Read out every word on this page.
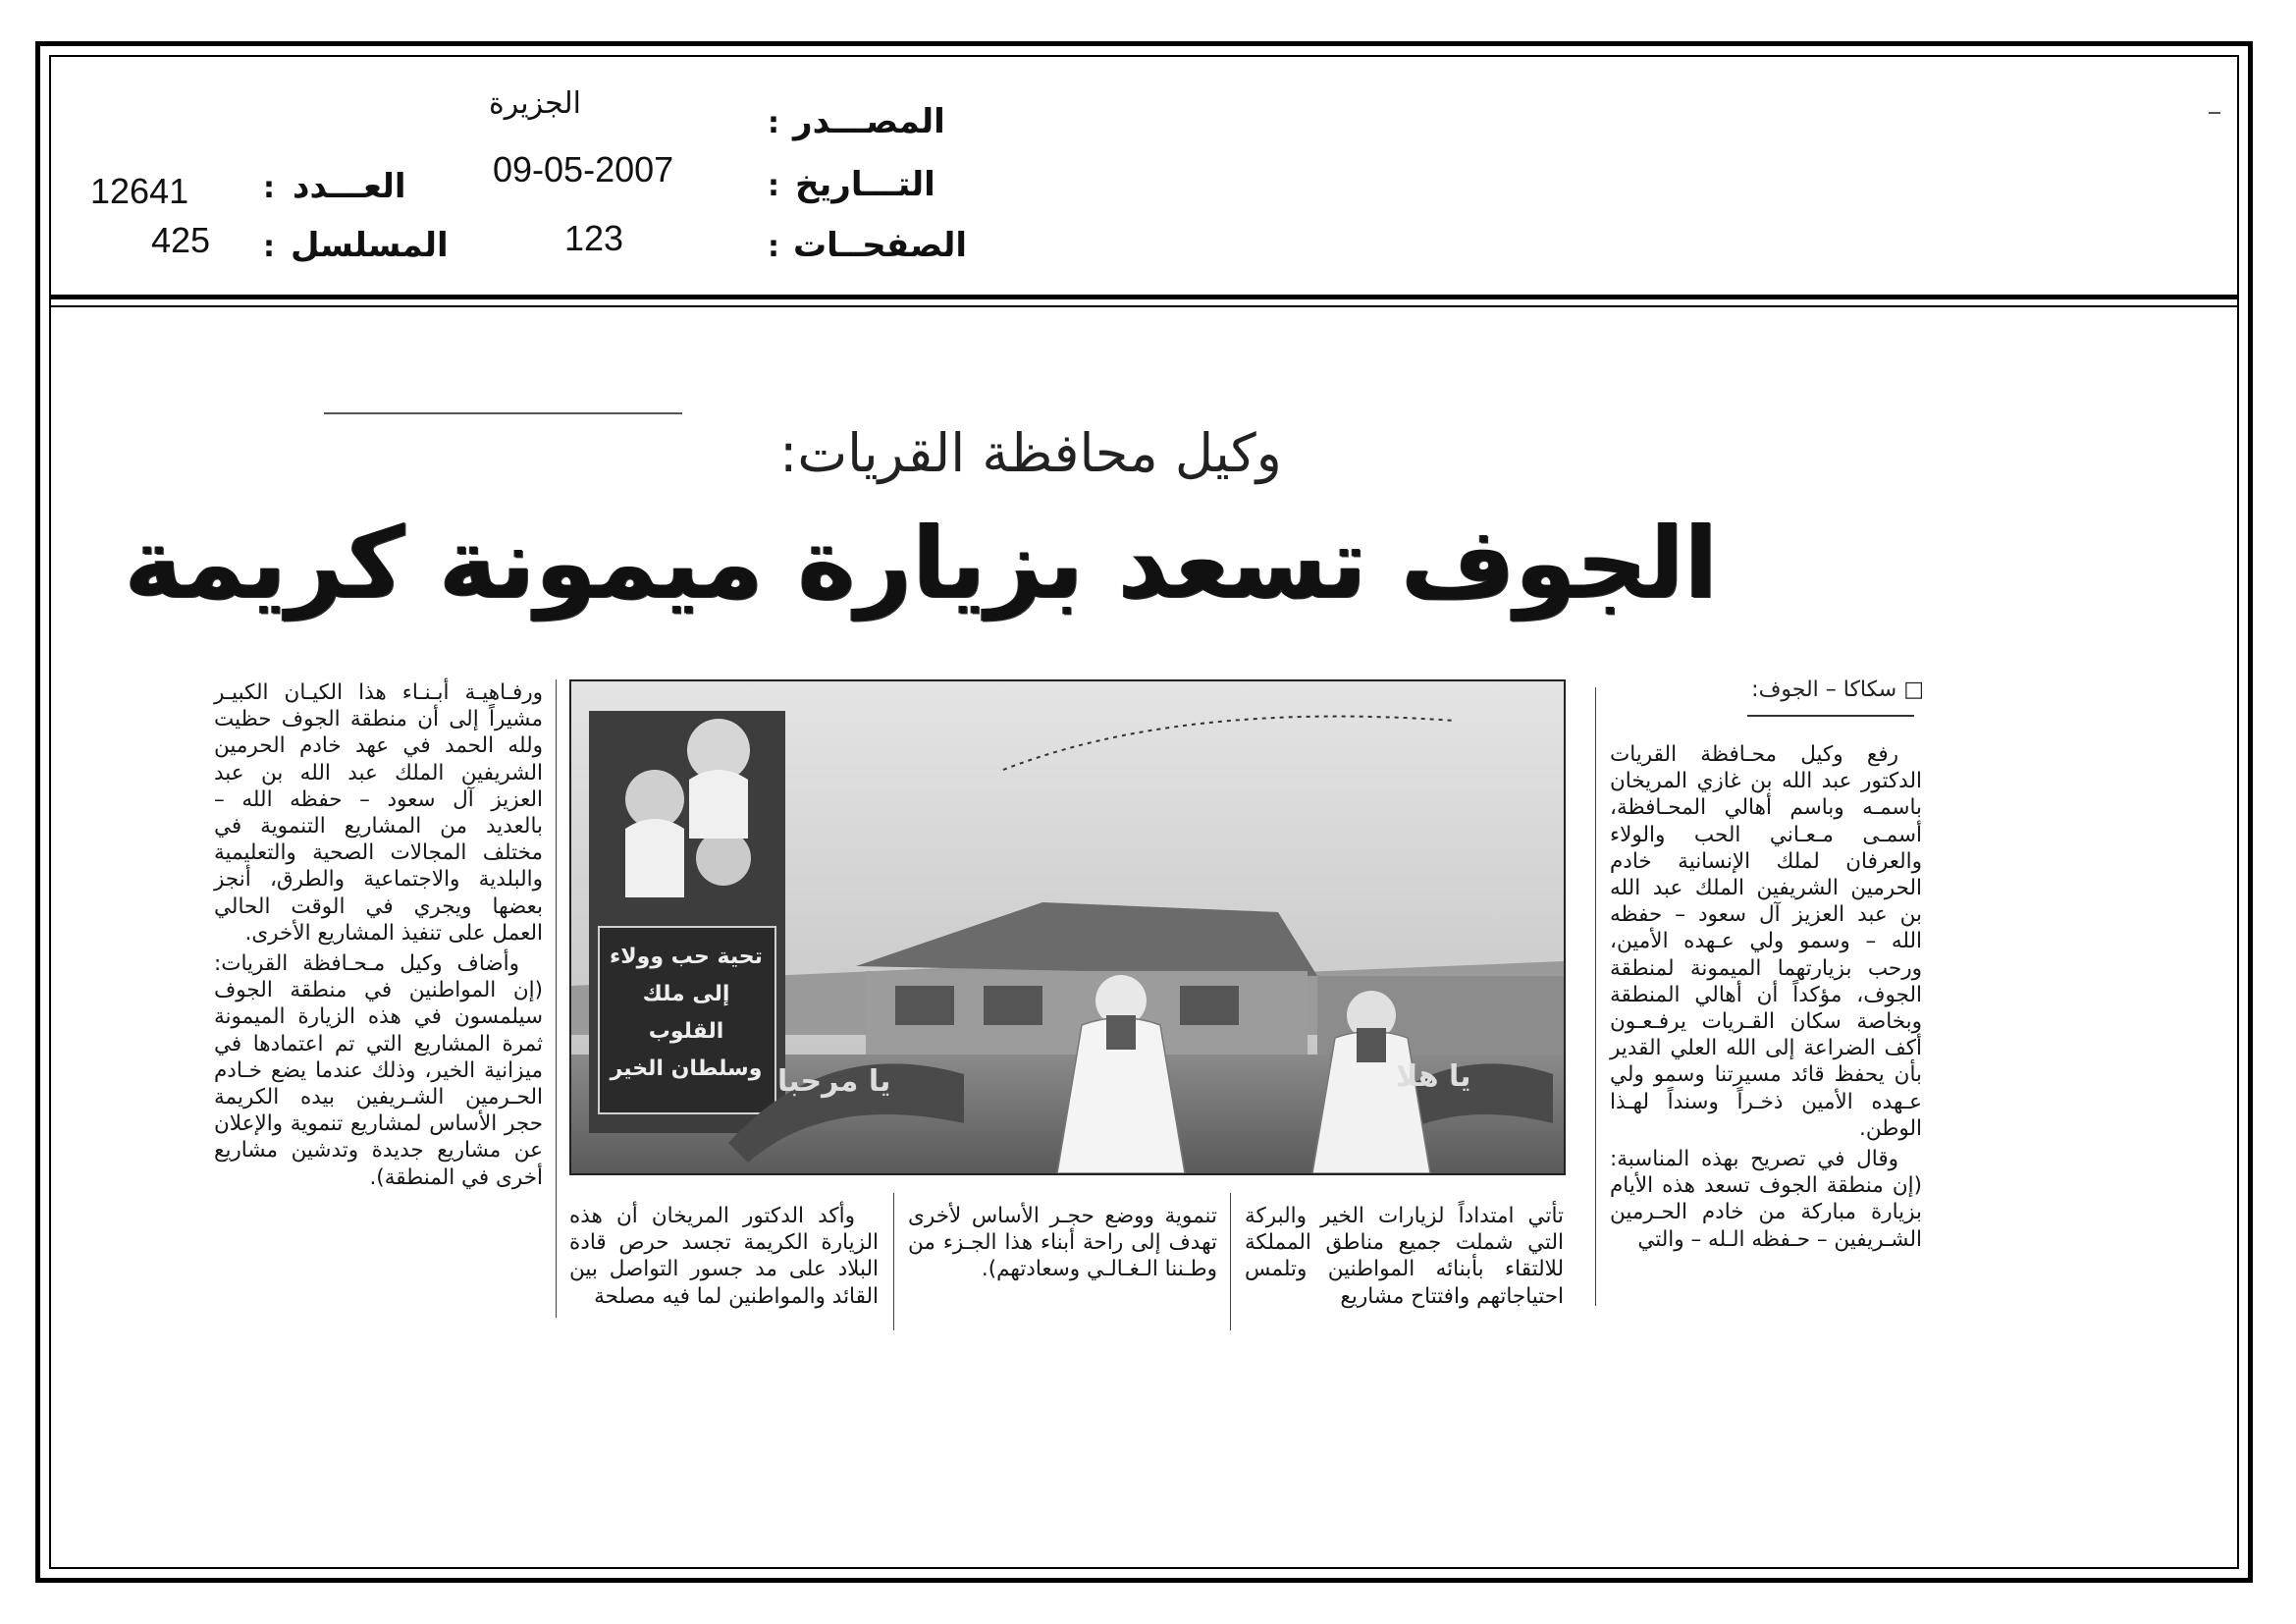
المصـــدر
:
الجزيرة
التـــاريخ
:
09-05-2007
الصفحــات
:
123
العـــدد
:
12641
المسلسل
:
425
وكيل محافظة القريات:
الجوف تسعد بزيارة ميمونة كريمة
□ سكاكا – الجوف:
تحية حب وولاء إلى ملك القلوب وسلطان الخير يا مرحبا	يا هلا

رفع وكيل محـافظة القريات الدكتور عبد الله بن غازي المريخان باسمـه وباسم أهالي المحـافظة، أسمـى مـعـاني الحب والولاء والعرفان لملك الإنسانية خادم الحرمين الشريفين الملك عبد الله بن عبد العزيز آل سعود – حفظه الله – وسمو ولي عـهده الأمين، ورحب بزيارتهما الميمونة لمنطقة الجوف، مؤكداً أن أهالي المنطقة وبخاصة سكان القـريات يرفـعـون أكف الضراعة إلى الله العلي القدير بأن يحفظ قائد مسيرتنا وسمو ولي عـهده الأمين ذخـراً وسنداً لهـذا الوطن.

وقال في تصريح بهذه المناسبة: (إن منطقة الجوف تسعد هذه الأيام بزيارة مباركة من خادم الحـرمين الشـريفين – حـفظه الـله – والتي

تأتي امتداداً لزيارات الخير والبركة التي شملت جميع مناطق المملكة للالتقاء بأبنائه المواطنين وتلمس احتياجاتهم وافتتاح مشاريع

تنموية ووضع حجـر الأساس لأخرى تهدف إلى راحة أبناء هذا الجـزء من وطـننا الـغـالـي وسعادتهم).

وأكد الدكتور المريخان أن هذه الزيارة الكريمة تجسد حرص قادة البلاد على مد جسور التواصل بين القائد والمواطنين لما فيه مصلحة

ورفـاهيـة أبـنـاء هذا الكيـان الكبيـر مشيراً إلى أن منطقة الجوف حظيت ولله الحمد في عهد خادم الحرمين الشريفين الملك عبد الله بن عبد العزيز آل سعود – حفظه الله – بالعديد من المشاريع التنموية في مختلف المجالات الصحية والتعليمية والبلدية والاجتماعية والطرق، أنجز بعضها ويجري في الوقت الحالي العمل على تنفيذ المشاريع الأخرى.

وأضاف وكيل مـحـافظة القريات: (إن المواطنين في منطقة الجوف سيلمسون في هذه الزيارة الميمونة ثمرة المشاريع التي تم اعتمادها في ميزانية الخير، وذلك عندما يضع خـادم الحـرمين الشـريفين بيده الكريمة حجر الأساس لمشاريع تنموية والإعلان عن مشاريع جديدة وتدشين مشاريع أخرى في المنطقة).
